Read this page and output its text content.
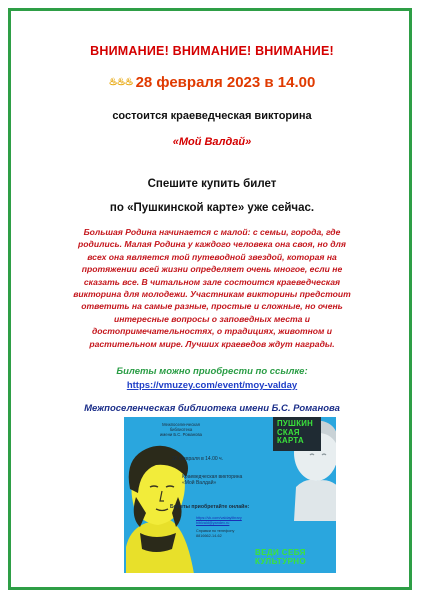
ВНИМАНИЕ! ВНИМАНИЕ! ВНИМАНИЕ!
♨♨♨ 28 февраля 2023 в 14.00
состоится краеведческая викторина
«Мой Валдай»
Спешите купить билет
по «Пушкинской карте» уже сейчас.
Большая Родина начинается с малой: с семьи, города, где
родились. Малая Родина у каждого человека она своя, но для
всех она является той путеводной звездой, которая на
протяжении всей жизни определяет очень многое, если не
сказать все. В читальном зале состоится краеведческая
викторина для молодежи. Участникам викторины предстоит
ответить на самые разные, простые и сложные, но очень
интересные вопросы о заповедных места и
достопримечательностях, о традициях, животном и
растительном мире. Лучших краеведов ждут награды.
Билеты можно приобрести по ссылке:
https://vmuzey.com/event/moy-valday
Межпоселенческая библиотека имени Б.С. Романова
ПУШКИН
СКАЯ
КАРТА
Межпоселенческая
библиотека
имени Б.С. Романова
28 февраля в 14.00 ч.
Краеведческая викторина
«Мой Валдай»
Билеты приобретайте онлайн:
https://vk.com/valdaylibrary
biblvald@yandex.ru
Справки по телефону
8816662-14-62
ВЕДИ СЕБЯ
КУЛЬТУРНО
